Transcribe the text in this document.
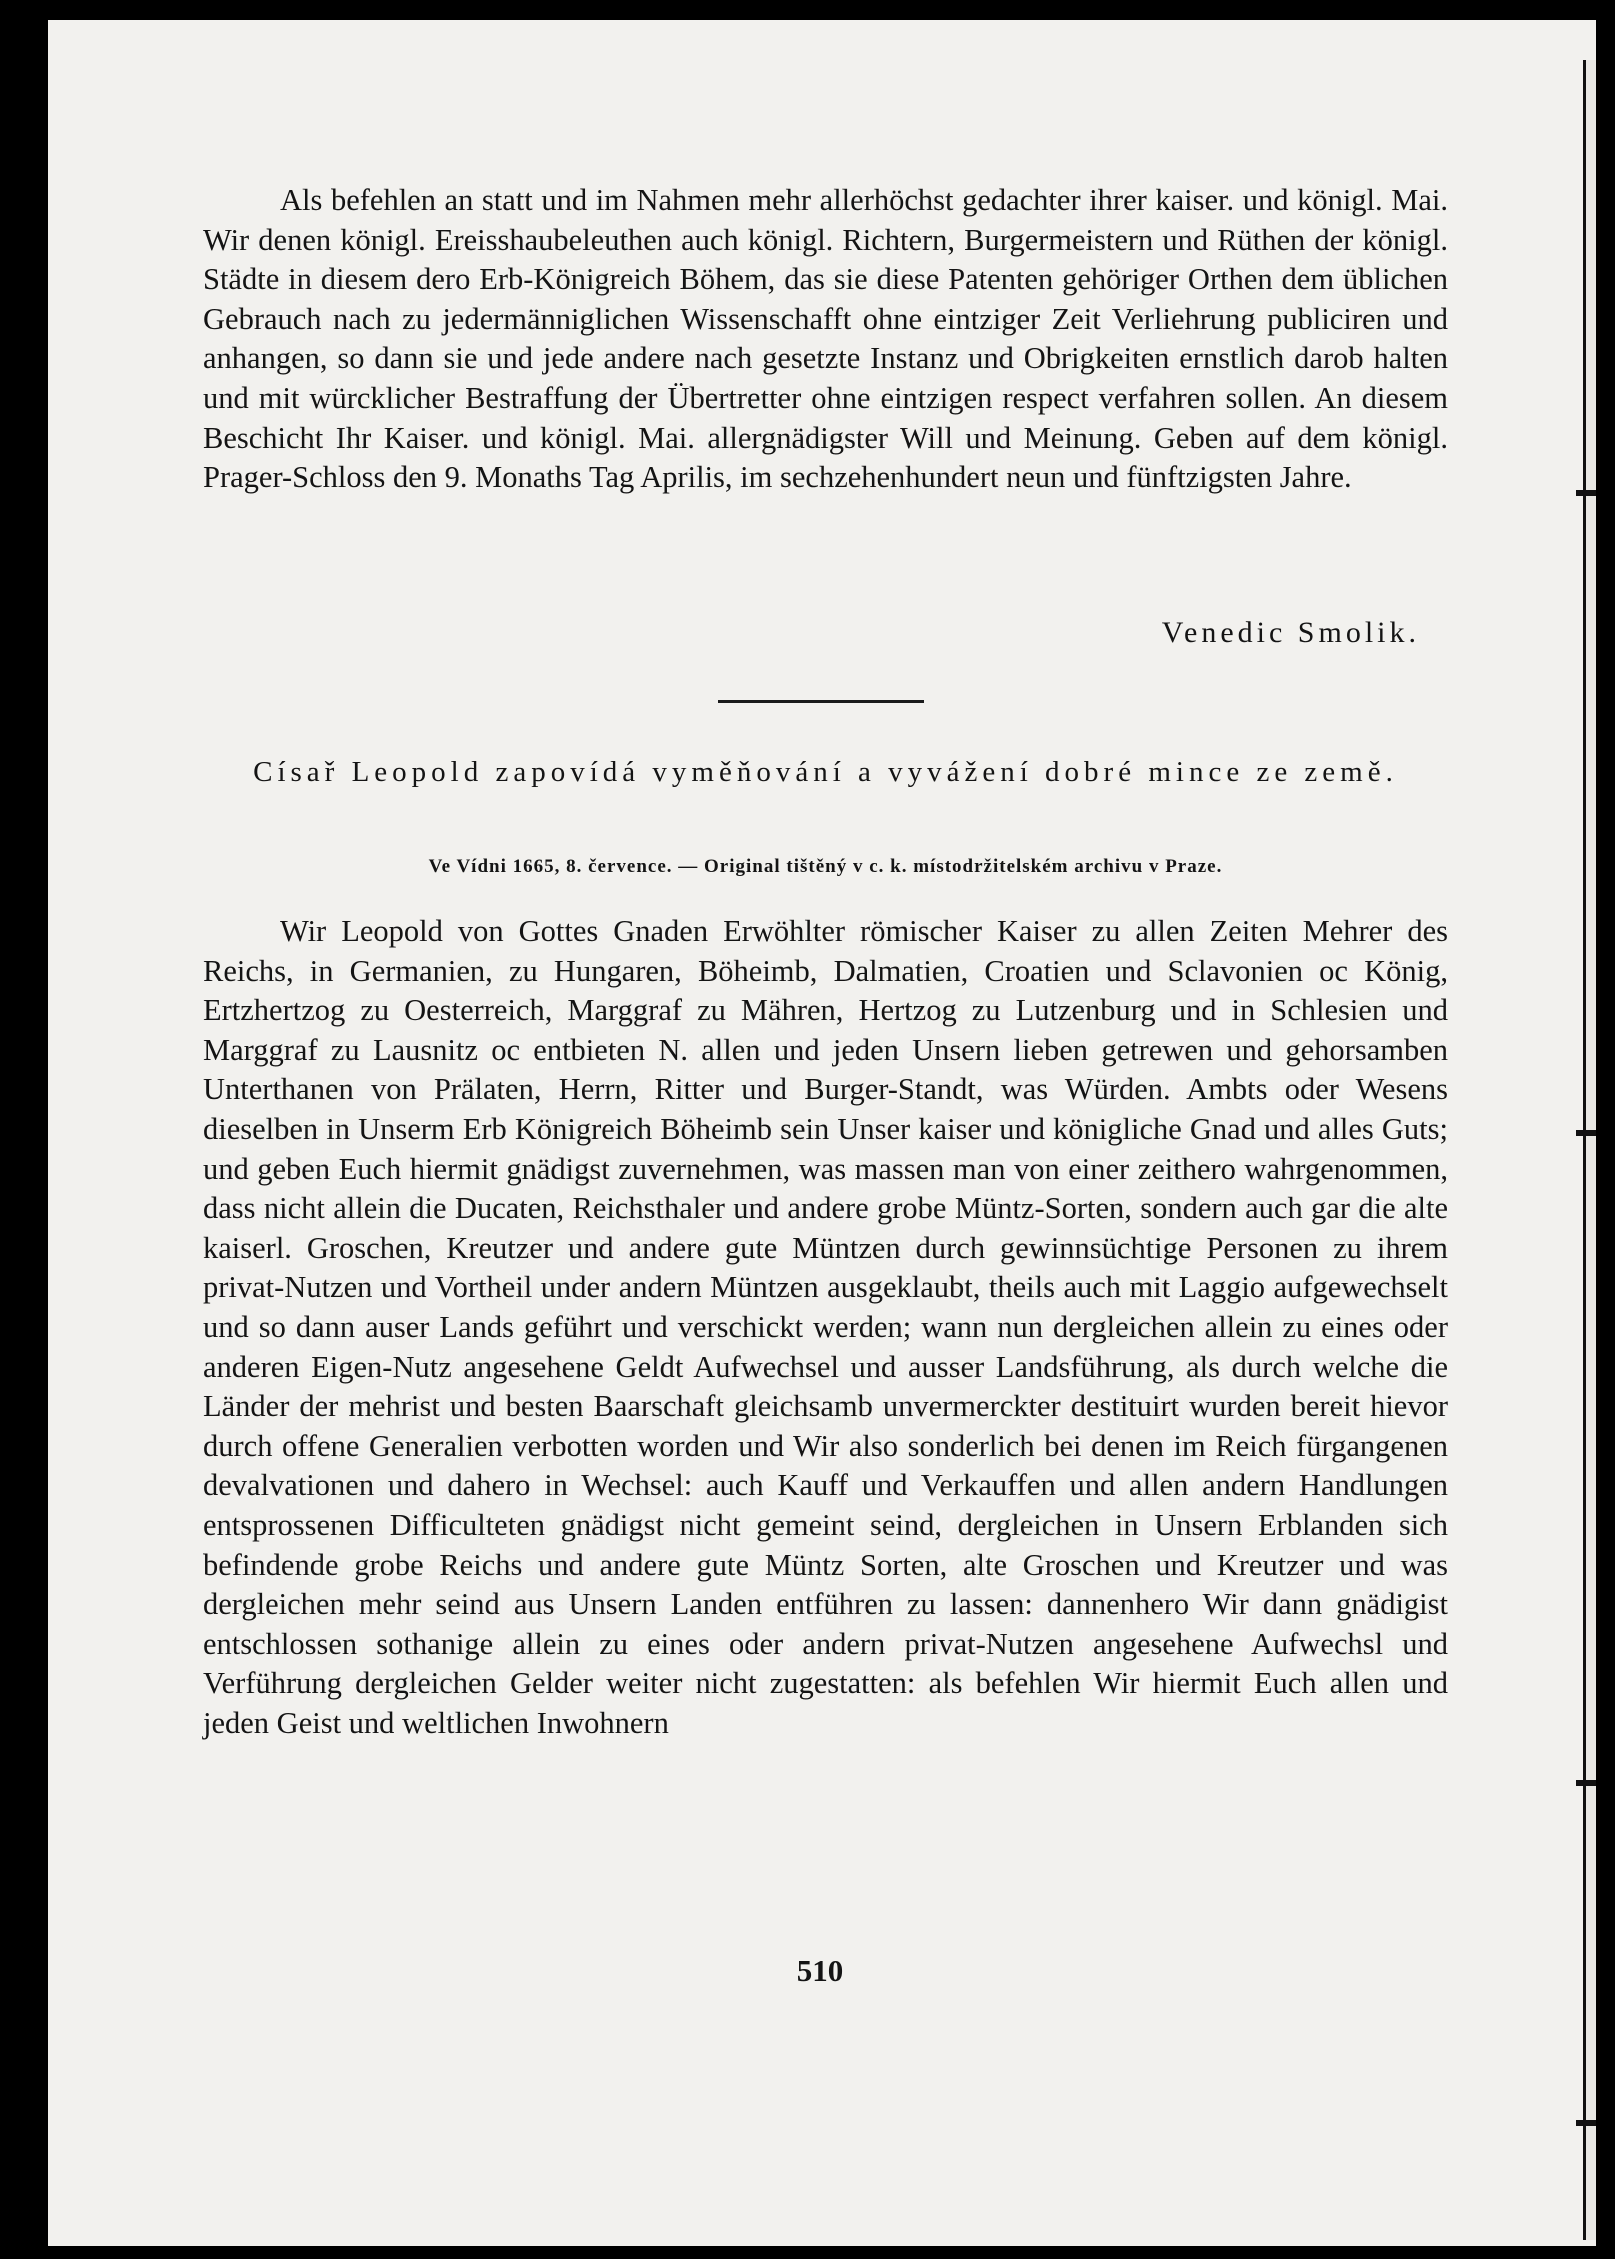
Als befehlen an statt und im Nahmen mehr allerhöchst gedachter ihrer kaiser. und königl. Mai. Wir denen königl. Ereisshaubeleuthen auch königl. Richtern, Burgermeistern und Rüthen der königl. Städte in diesem dero Erb-Königreich Böhem, das sie diese Patenten gehöriger Orthen dem üblichen Gebrauch nach zu jedermänniglichen Wissenschafft ohne eintziger Zeit Verliehrung publiciren und anhangen, so dann sie und jede andere nach gesetzte Instanz und Obrigkeiten ernstlich darob halten und mit würcklicher Bestraffung der Übertretter ohne eintzigen respect verfahren sollen. An diesem Beschicht Ihr Kaiser. und königl. Mai. allergnädigster Will und Meinung. Geben auf dem königl. Prager-Schloss den 9. Monaths Tag Aprilis, im sechzehenhundert neun und fünftzigsten Jahre.

Venedic Smolik.
Císař Leopold zapovídá vyměňování a vyvážení dobré mince ze země.
Ve Vídni 1665, 8. července. — Original tištěný v c. k. místodržitelském archivu v Praze.

Wir Leopold von Gottes Gnaden Erwöhlter römischer Kaiser zu allen Zeiten Mehrer des Reichs, in Germanien, zu Hungaren, Böheimb, Dalmatien, Croatien und Sclavonien oc König, Ertzhertzog zu Oesterreich, Marggraf zu Mähren, Hertzog zu Lutzenburg und in Schlesien und Marggraf zu Lausnitz oc entbieten N. allen und jeden Unsern lieben getrewen und gehorsamben Unterthanen von Prälaten, Herrn, Ritter und Burger-Standt, was Würden. Ambts oder Wesens dieselben in Unserm Erb Königreich Böheimb sein Unser kaiser und königliche Gnad und alles Guts; und geben Euch hiermit gnädigst zuvernehmen, was massen man von einer zeithero wahrgenommen, dass nicht allein die Ducaten, Reichsthaler und andere grobe Müntz-Sorten, sondern auch gar die alte kaiserl. Groschen, Kreutzer und andere gute Müntzen durch gewinnsüchtige Personen zu ihrem privat-Nutzen und Vortheil under andern Müntzen ausgeklaubt, theils auch mit Laggio aufgewechselt und so dann auser Lands geführt und verschickt werden; wann nun dergleichen allein zu eines oder anderen Eigen-Nutz angesehene Geldt Aufwechsel und ausser Landsführung, als durch welche die Länder der mehrist und besten Baarschaft gleichsamb unvermerckter destituirt wurden bereit hievor durch offene Generalien verbotten worden und Wir also sonderlich bei denen im Reich fürgangenen devalvationen und dahero in Wechsel: auch Kauff und Verkauffen und allen andern Handlungen entsprossenen Difficulteten gnädigst nicht gemeint seind, dergleichen in Unsern Erblanden sich befindende grobe Reichs und andere gute Müntz Sorten, alte Groschen und Kreutzer und was dergleichen mehr seind aus Unsern Landen entführen zu lassen: dannenhero Wir dann gnädigist entschlossen sothanige allein zu eines oder andern privat-Nutzen angesehene Aufwechsl und Verführung dergleichen Gelder weiter nicht zugestatten: als befehlen Wir hiermit Euch allen und jeden Geist und weltlichen Inwohnern

510
